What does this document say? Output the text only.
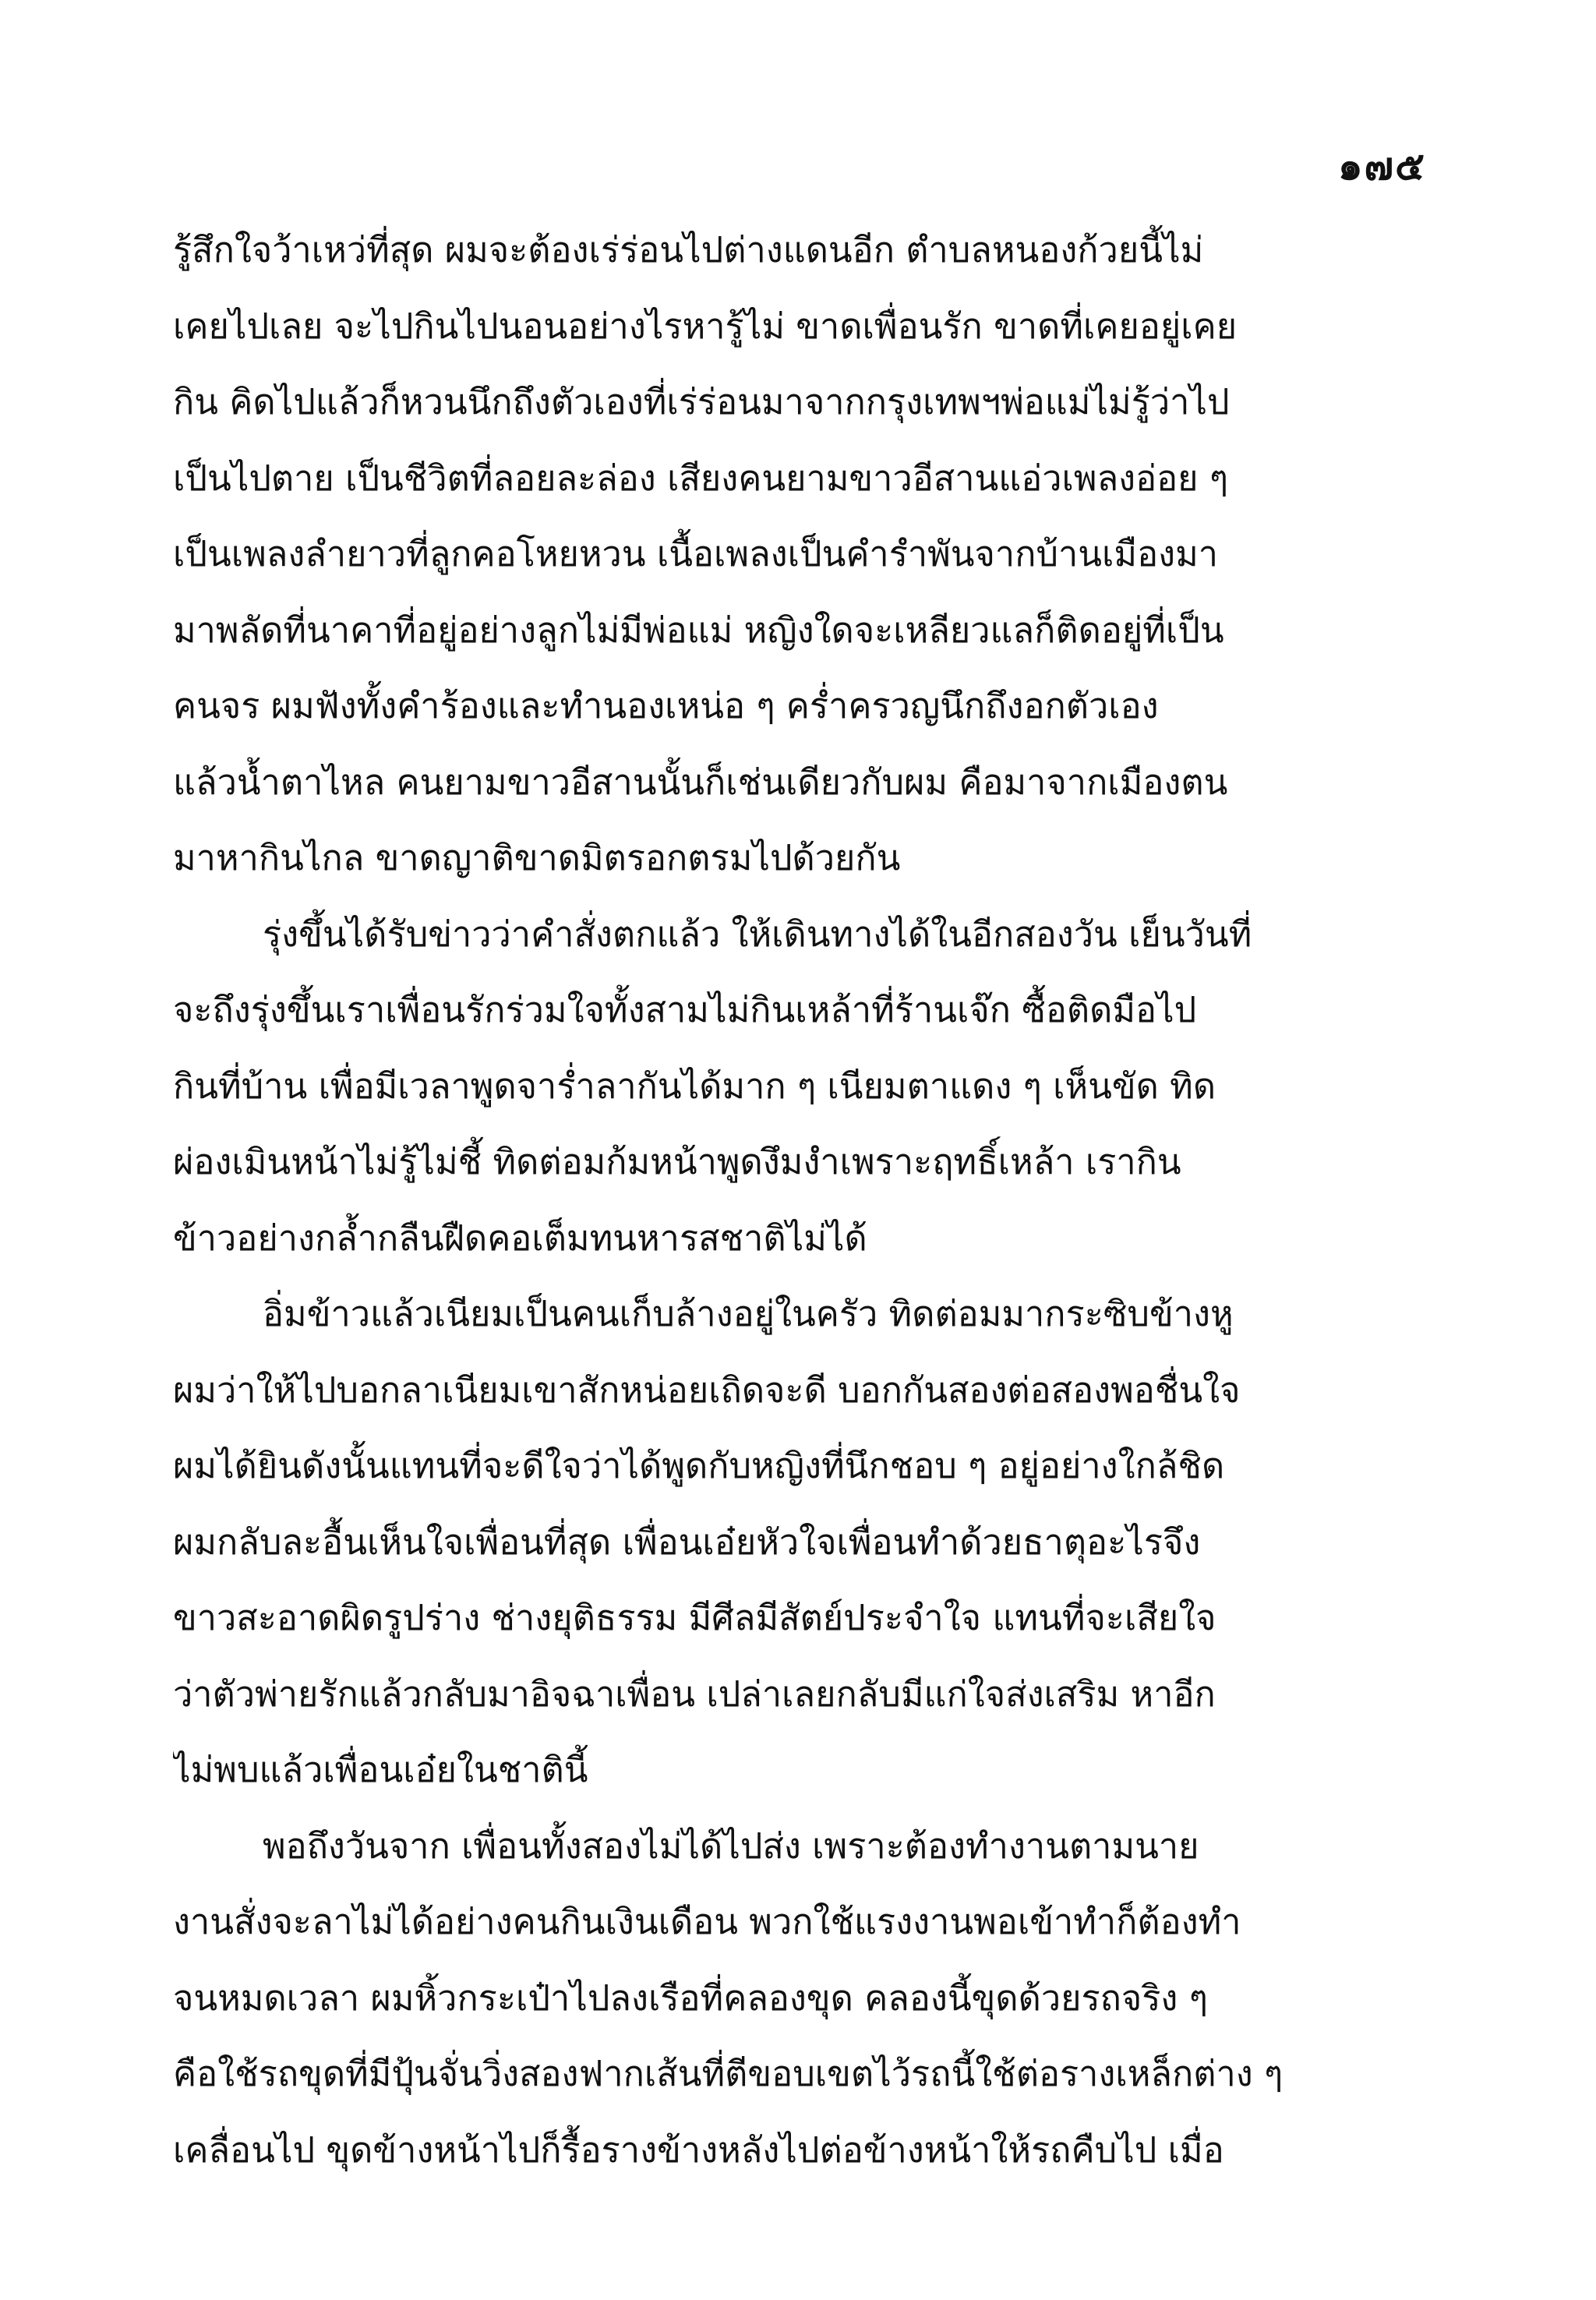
๑๗๕
รู้สึกใจว้าเหว่ที่สุด ผมจะต้องเร่ร่อนไปต่างแดนอีก ตำบลหนองก้วยนี้ไม่
เคยไปเลย จะไปกินไปนอนอย่างไรหารู้ไม่ ขาดเพื่อนรัก ขาดที่เคยอยู่เคย
กิน คิดไปแล้วก็หวนนึกถึงตัวเองที่เร่ร่อนมาจากกรุงเทพฯพ่อแม่ไม่รู้ว่าไป
เป็นไปตาย เป็นชีวิตที่ลอยละล่อง เสียงคนยามขาวอีสานแอ่วเพลงอ่อย ๆ
เป็นเพลงลำยาวที่ลูกคอโหยหวน เนื้อเพลงเป็นคำรำพันจากบ้านเมืองมา
มาพลัดที่นาคาที่อยู่อย่างลูกไม่มีพ่อแม่ หญิงใดจะเหลียวแลก็ติดอยู่ที่เป็น
คนจร ผมฟังทั้งคำร้องและทำนองเหน่อ ๆ คร่ำครวญนึกถึงอกตัวเอง
แล้วน้ำตาไหล คนยามขาวอีสานนั้นก็เช่นเดียวกับผม คือมาจากเมืองตน
มาหากินไกล ขาดญาติขาดมิตรอกตรมไปด้วยกัน
รุ่งขึ้นได้รับข่าวว่าคำสั่งตกแล้ว ให้เดินทางได้ในอีกสองวัน เย็นวันที่
จะถึงรุ่งขึ้นเราเพื่อนรักร่วมใจทั้งสามไม่กินเหล้าที่ร้านเจ๊ก ซื้อติดมือไป
กินที่บ้าน เพื่อมีเวลาพูดจาร่ำลากันได้มาก ๆ เนียมตาแดง ๆ เห็นขัด ทิด
ผ่องเมินหน้าไม่รู้ไม่ชี้ ทิดต่อมก้มหน้าพูดงึมงำเพราะฤทธิ์เหล้า เรากิน
ข้าวอย่างกล้ำกลืนฝืดคอเต็มทนหารสชาติไม่ได้
อิ่มข้าวแล้วเนียมเป็นคนเก็บล้างอยู่ในครัว ทิดต่อมมากระซิบข้างหู
ผมว่าให้ไปบอกลาเนียมเขาสักหน่อยเถิดจะดี บอกกันสองต่อสองพอชื่นใจ
ผมได้ยินดังนั้นแทนที่จะดีใจว่าได้พูดกับหญิงที่นึกชอบ ๆ อยู่อย่างใกล้ชิด
ผมกลับละอื้นเห็นใจเพื่อนที่สุด เพื่อนเอ๋ยหัวใจเพื่อนทำด้วยธาตุอะไรจึง
ขาวสะอาดผิดรูปร่าง ช่างยุติธรรม มีศีลมีสัตย์ประจำใจ แทนที่จะเสียใจ
ว่าตัวพ่ายรักแล้วกลับมาอิจฉาเพื่อน เปล่าเลยกลับมีแก่ใจส่งเสริม หาอีก
ไม่พบแล้วเพื่อนเอ๋ยในชาตินี้
พอถึงวันจาก เพื่อนทั้งสองไม่ได้ไปส่ง เพราะต้องทำงานตามนาย
งานสั่งจะลาไม่ได้อย่างคนกินเงินเดือน พวกใช้แรงงานพอเข้าทำก็ต้องทำ
จนหมดเวลา ผมหิ้วกระเป๋าไปลงเรือที่คลองขุด คลองนี้ขุดด้วยรถจริง ๆ
คือใช้รถขุดที่มีปุ้นจั่นวิ่งสองฟากเส้นที่ตีขอบเขตไว้รถนี้ใช้ต่อรางเหล็กต่าง ๆ
เคลื่อนไป ขุดข้างหน้าไปก็รื้อรางข้างหลังไปต่อข้างหน้าให้รถคืบไป เมื่อ
